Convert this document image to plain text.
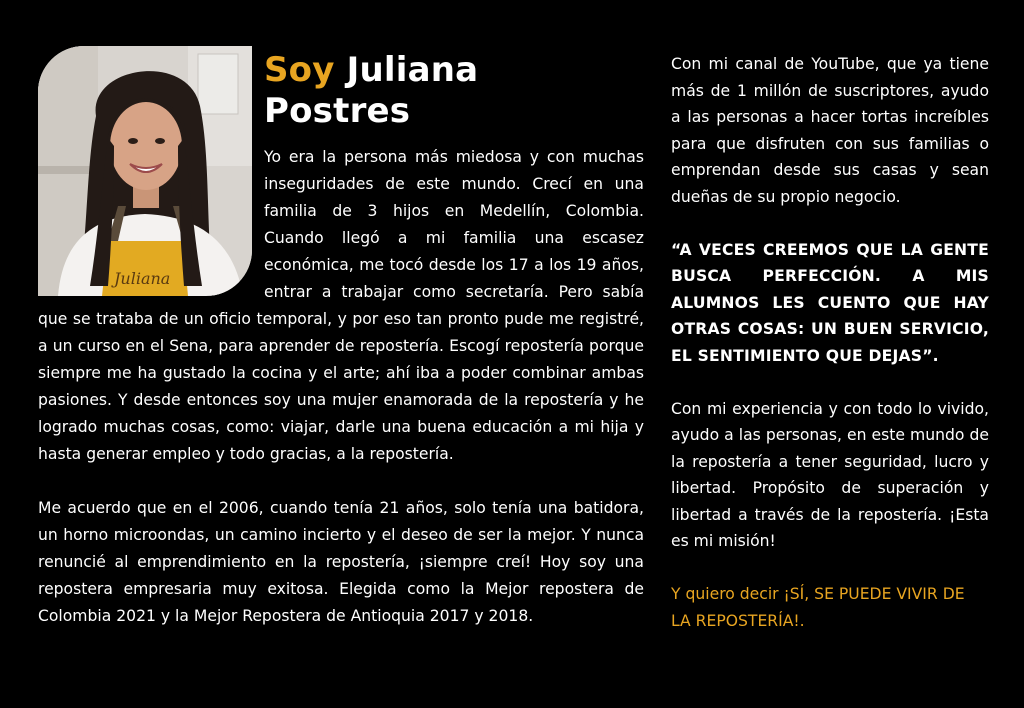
Juliana
Soy Juliana
Postres

Yo era la persona más miedosa y con muchas inseguridades de este mundo. Crecí en una familia de 3 hijos en Medellín, Colombia. Cuando llegó a mi familia una escasez económica, me tocó desde los 17 a los 19 años, entrar a trabajar como secretaría. Pero sabía que se trataba de un oficio temporal, y por eso tan pronto pude me registré, a un curso en el Sena, para aprender de repostería. Escogí repostería porque siempre me ha gustado la cocina y el arte; ahí iba a poder combinar ambas pasiones. Y desde entonces soy una mujer enamorada de la repostería y he logrado muchas cosas, como: viajar, darle una buena educación a mi hija y hasta generar empleo y todo gracias, a la repostería.

Me acuerdo que en el 2006, cuando tenía 21 años, solo tenía una batidora, un horno microondas, un camino incierto y el deseo de ser la mejor. Y nunca renuncié al emprendimiento en la repostería, ¡siempre creí! Hoy soy una repostera empresaria muy exitosa. Elegida como la Mejor repostera de Colombia 2021 y la Mejor Repostera de Antioquia 2017 y 2018.

Con mi canal de YouTube, que ya tiene más de 1 millón de suscriptores, ayudo a las personas a hacer tortas increíbles para que disfruten con sus familias o emprendan desde sus casas y sean dueñas de su propio negocio.

“A VECES CREEMOS QUE LA GENTE BUSCA PERFECCIÓN. A MIS ALUMNOS LES CUENTO QUE HAY OTRAS COSAS: UN BUEN SERVICIO, EL SENTIMIENTO QUE DEJAS”.

Con mi experiencia y con todo lo vivido, ayudo a las personas, en este mundo de la repostería a tener seguridad, lucro y libertad. Propósito de superación y libertad a través de la repostería. ¡Esta es mi misión!

Y quiero decir ¡SÍ, SE PUEDE VIVIR DE LA REPOSTERÍA!.
